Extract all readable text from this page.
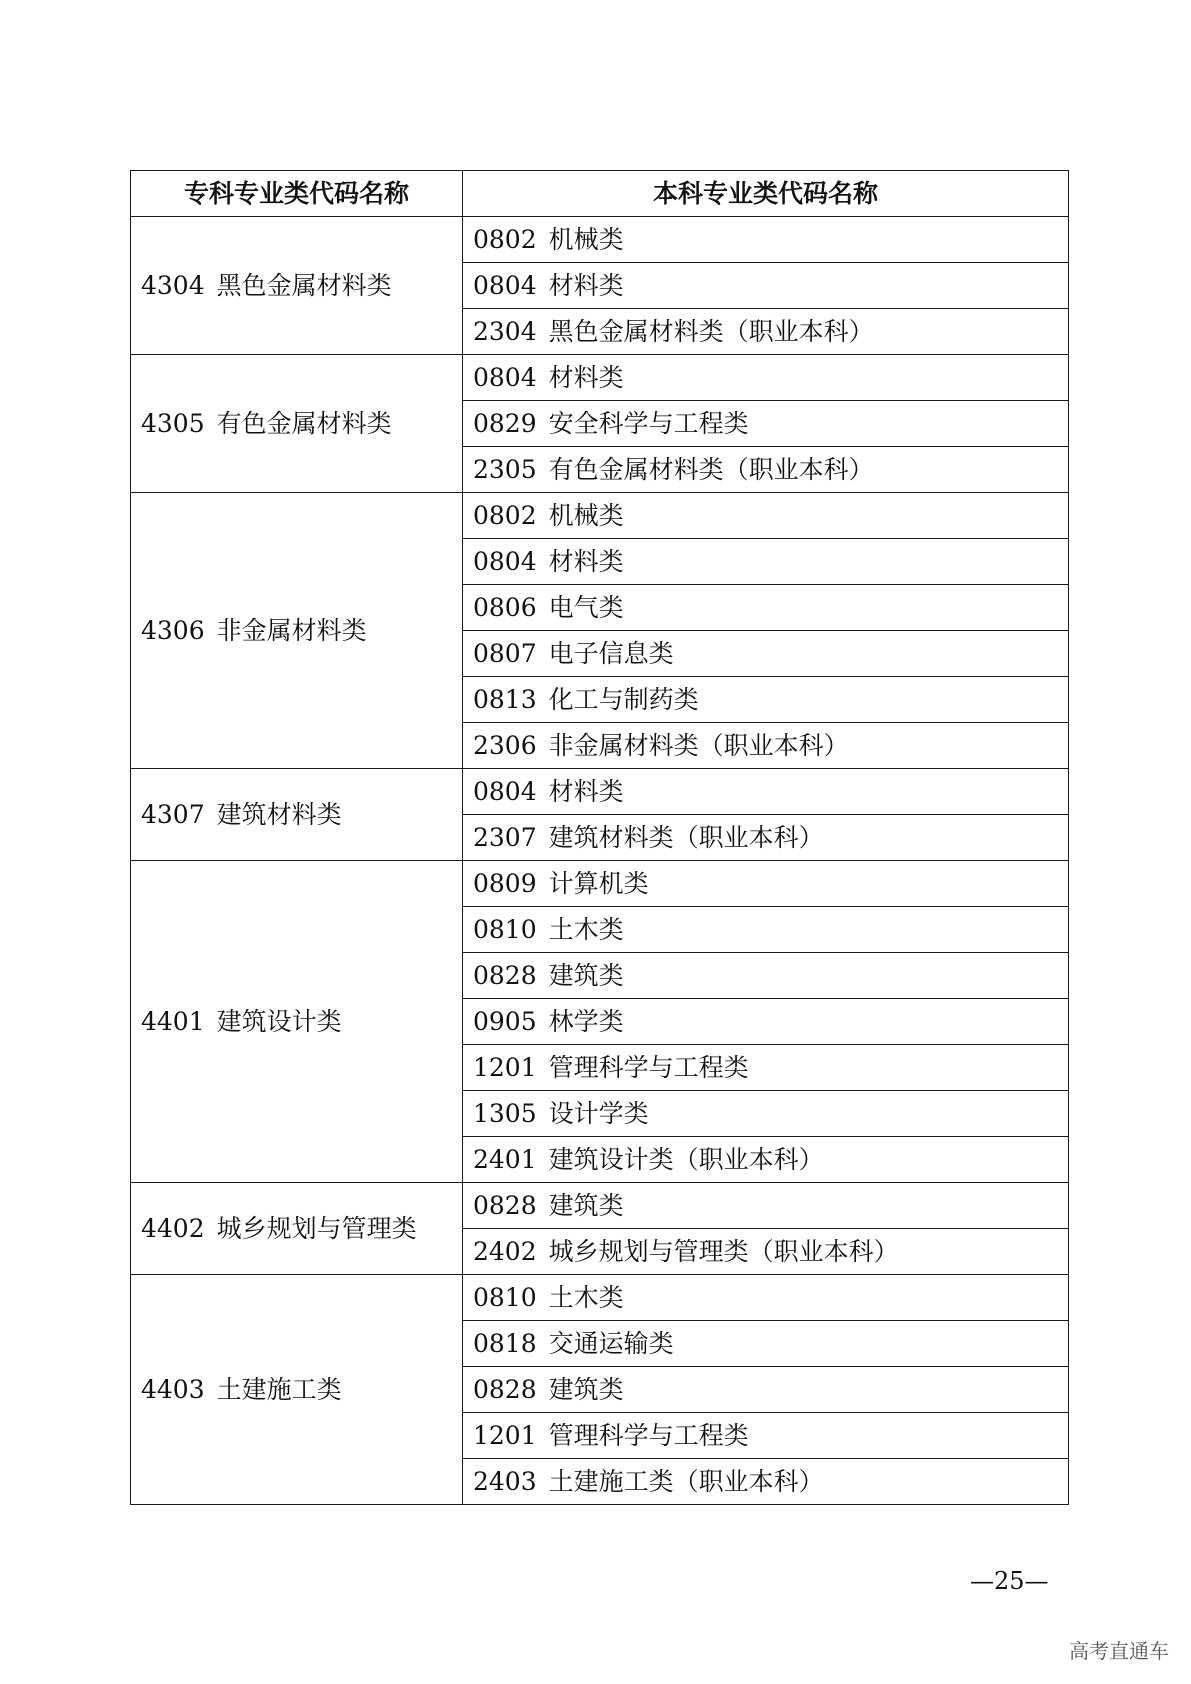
专科专业类代码名称	本科专业类代码名称
4304 黑色金属材料类	0802 机械类
	0804 材料类
	2304 黑色金属材料类（职业本科）
4305 有色金属材料类	0804 材料类
	0829 安全科学与工程类
	2305 有色金属材料类（职业本科）
4306 非金属材料类	0802 机械类
	0804 材料类
	0806 电气类
	0807 电子信息类
	0813 化工与制药类
	2306 非金属材料类（职业本科）
4307 建筑材料类	0804 材料类
	2307 建筑材料类（职业本科）
4401 建筑设计类	0809 计算机类
	0810 土木类
	0828 建筑类
	0905 林学类
	1201 管理科学与工程类
	1305 设计学类
	2401 建筑设计类（职业本科）
4402 城乡规划与管理类	0828 建筑类
	2402 城乡规划与管理类（职业本科）
4403 土建施工类	0810 土木类
	0818 交通运输类
	0828 建筑类
	1201 管理科学与工程类
	2403 土建施工类（职业本科）
—25—
高考直通车
